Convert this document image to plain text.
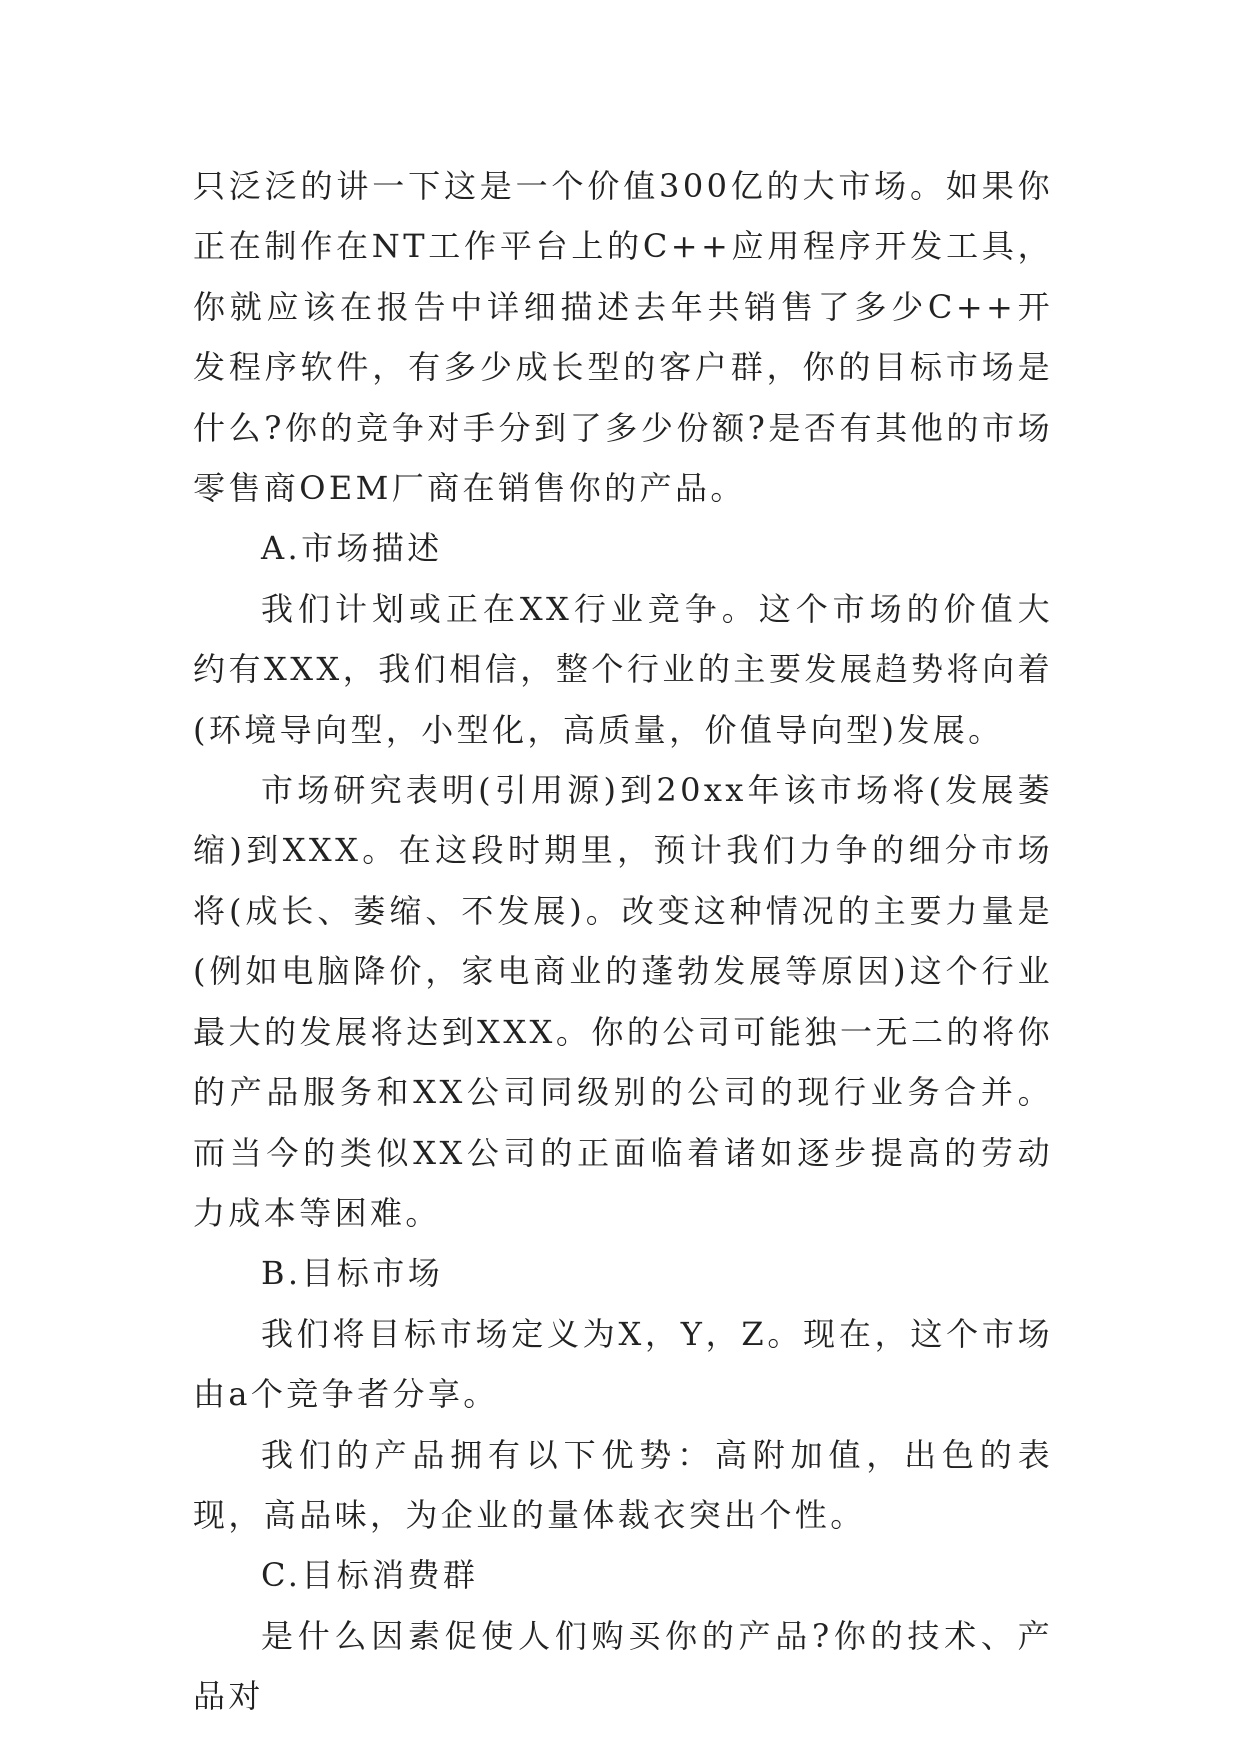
只泛泛的讲一下这是一个价值300亿的大市场。如果你正在制作在NT工作平台上的C++应用程序开发工具，你就应该在报告中详细描述去年共销售了多少C++开发程序软件，有多少成长型的客户群，你的目标市场是什么?你的竞争对手分到了多少份额?是否有其他的市场零售商OEM厂商在销售你的产品。

A.市场描述

我们计划或正在XX行业竞争。这个市场的价值大约有XXX，我们相信，整个行业的主要发展趋势将向着(环境导向型，小型化，高质量，价值导向型)发展。

市场研究表明(引用源)到20xx年该市场将(发展萎缩)到XXX。在这段时期里，预计我们力争的细分市场将(成长、萎缩、不发展)。改变这种情况的主要力量是(例如电脑降价，家电商业的蓬勃发展等原因)这个行业最大的发展将达到XXX。你的公司可能独一无二的将你的产品服务和XX公司同级别的公司的现行业务合并。而当今的类似XX公司的正面临着诸如逐步提高的劳动力成本等困难。

B.目标市场

我们将目标市场定义为X，Y，Z。现在，这个市场由a个竞争者分享。

我们的产品拥有以下优势：高附加值，出色的表现，高品味，为企业的量体裁衣突出个性。

C.目标消费群

是什么因素促使人们购买你的产品?你的技术、产品对
